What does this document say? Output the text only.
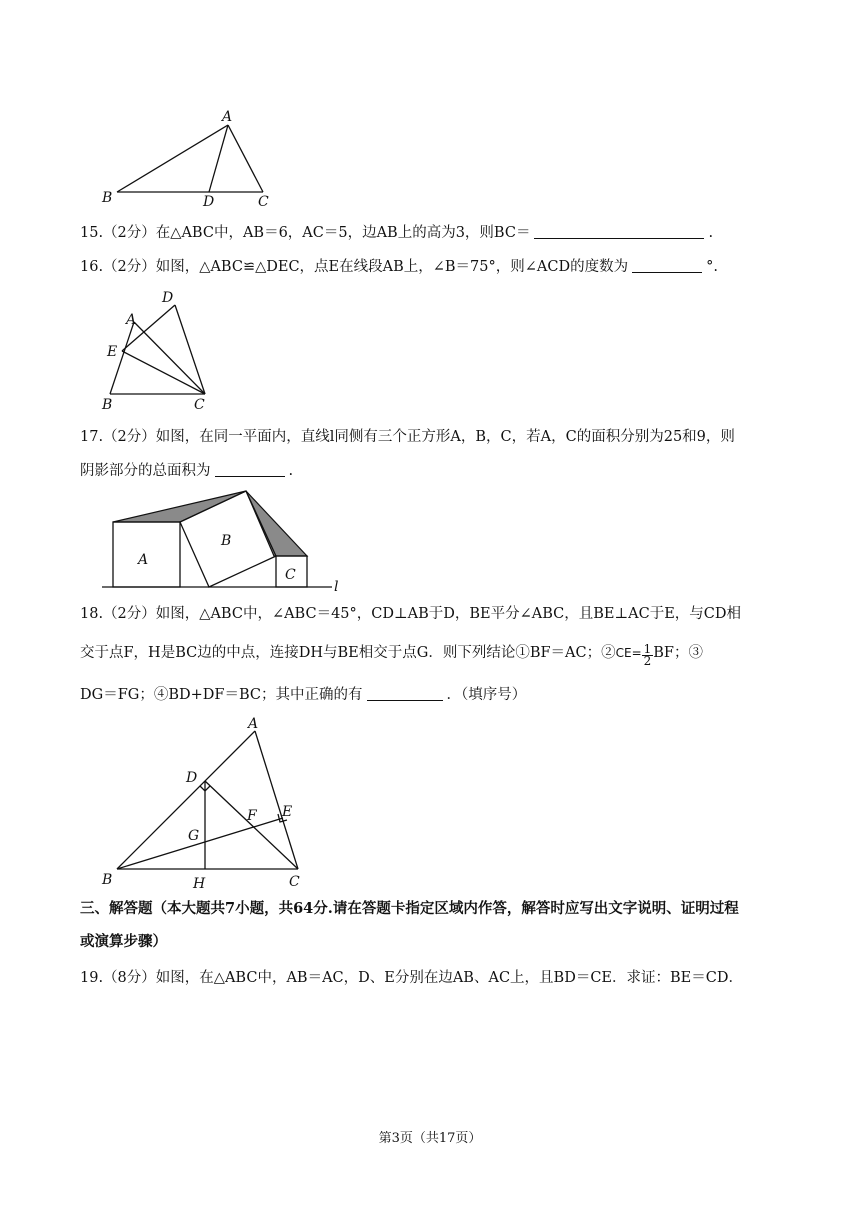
A
B	D	C
15.（2分）在△ABC中，AB＝6，AC＝5，边AB上的高为3，则BC＝	.
16.（2分）如图，△ABC≌△DEC，点E在线段AB上，∠B＝75°，则∠ACD的度数为	°.
D
A
E
B	C
17.（2分）如图，在同一平面内，直线l同侧有三个正方形A，B，C，若A，C的面积分别为25和9，则
阴影部分的总面积为	.
A
B
C
l
18.（2分）如图，△ABC中，∠ABC＝45°，CD⊥AB于D，BE平分∠ABC，且BE⊥AC于E，与CD相
交于点F，H是BC边的中点，连接DH与BE相交于点G．则下列结论①BF＝AC；②CE= $\frac{1}{2}$ BF；③
DG＝FG；④BD+DF＝BC；其中正确的有	．（填序号）
A
D
F E
G
B	H	C
三、解答题（本大题共7小题，共64分.请在答题卡指定区域内作答，解答时应写出文字说明、证明过程
或演算步骤）
19.（8分）如图，在△ABC中，AB＝AC，D、E分别在边AB、AC上，且BD＝CE．求证：BE＝CD．
第3页（共17页）
